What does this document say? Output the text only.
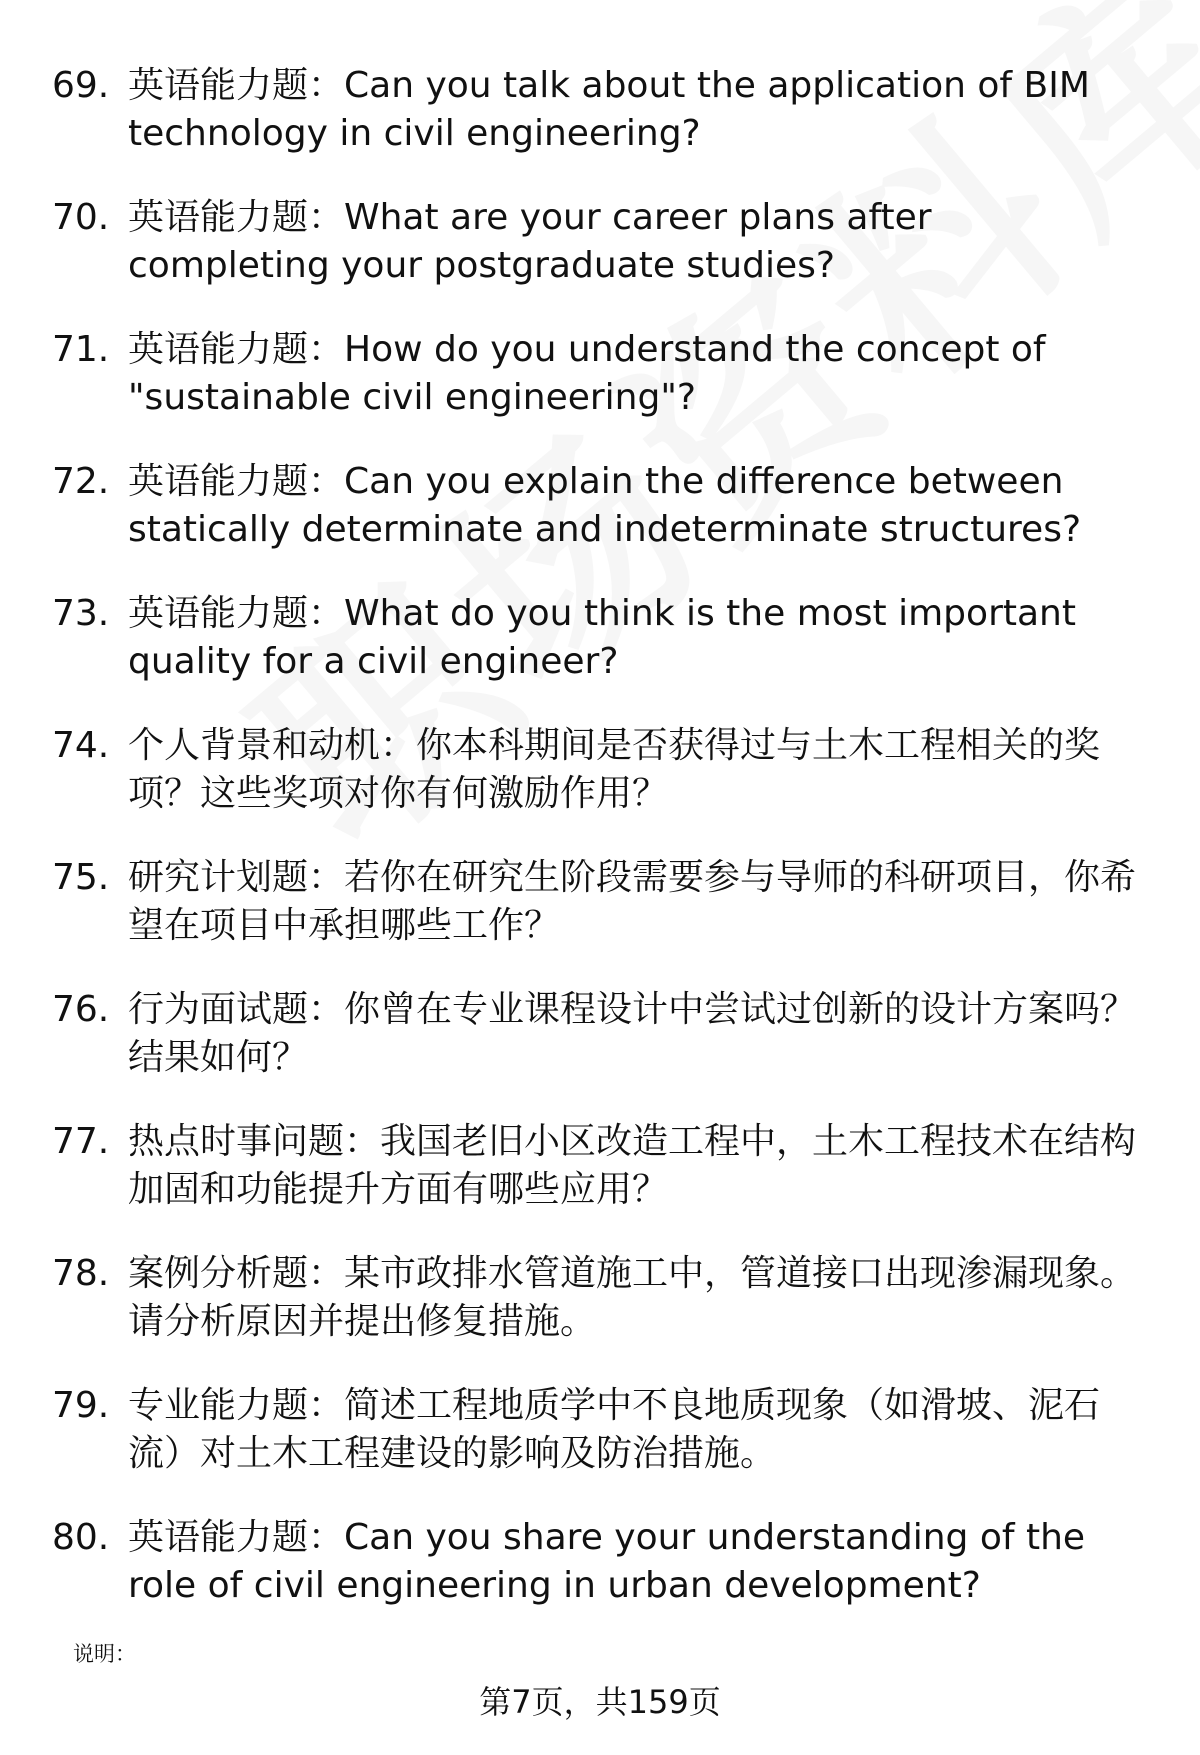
69. 英语能力题：Can you talk about the application of BIM technology in civil engineering?
70. 英语能力题：What are your career plans after completing your postgraduate studies?
71. 英语能力题：How do you understand the concept of "sustainable civil engineering"?
72. 英语能力题：Can you explain the difference between statically determinate and indeterminate structures?
73. 英语能力题：What do you think is the most important quality for a civil engineer?
74. 个人背景和动机：你本科期间是否获得过与土木工程相关的奖项？这些奖项对你有何激励作用？
75. 研究计划题：若你在研究生阶段需要参与导师的科研项目，你希望在项目中承担哪些工作？
76. 行为面试题：你曾在专业课程设计中尝试过创新的设计方案吗？结果如何？
77. 热点时事问题：我国老旧小区改造工程中，土木工程技术在结构加固和功能提升方面有哪些应用？
78. 案例分析题：某市政排水管道施工中，管道接口出现渗漏现象。请分析原因并提出修复措施。
79. 专业能力题：简述工程地质学中不良地质现象（如滑坡、泥石流）对土木工程建设的影响及防治措施。
80. 英语能力题：Can you share your understanding of the role of civil engineering in urban development?
说明：
第7页，共159页
